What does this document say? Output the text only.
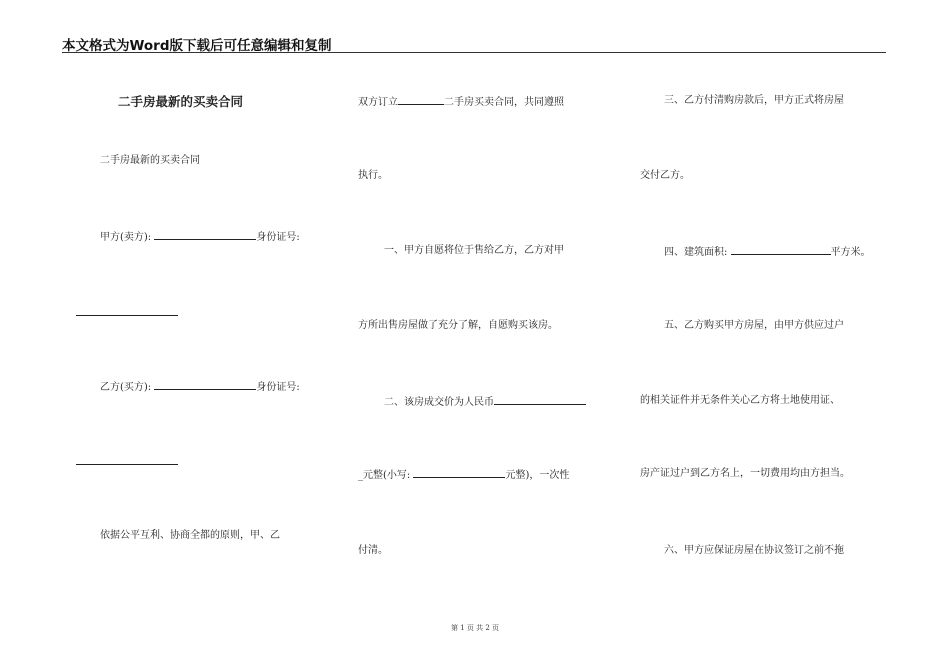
本文格式为Word版下载后可任意编辑和复制
二手房最新的买卖合同
二手房最新的买卖合同
甲方(卖方):	身份证号:
乙方(买方):	身份证号:
依据公平互利、协商全都的原则，甲、乙
双方订立	二手房买卖合同，共同遵照
执行。
一、甲方自愿将位于售给乙方，乙方对甲
方所出售房屋做了充分了解，自愿购买该房。
二、该房成交价为人民币
_元整(小写:	元整)，一次性
付清。
三、乙方付清购房款后，甲方正式将房屋
交付乙方。
四、建筑面积:	平方米。
五、乙方购买甲方房屋，由甲方供应过户
的相关证件并无条件关心乙方将土地使用证、
房产证过户到乙方名上，一切费用均由方担当。
六、甲方应保证房屋在协议签订之前不拖
第 1 页 共 2 页
